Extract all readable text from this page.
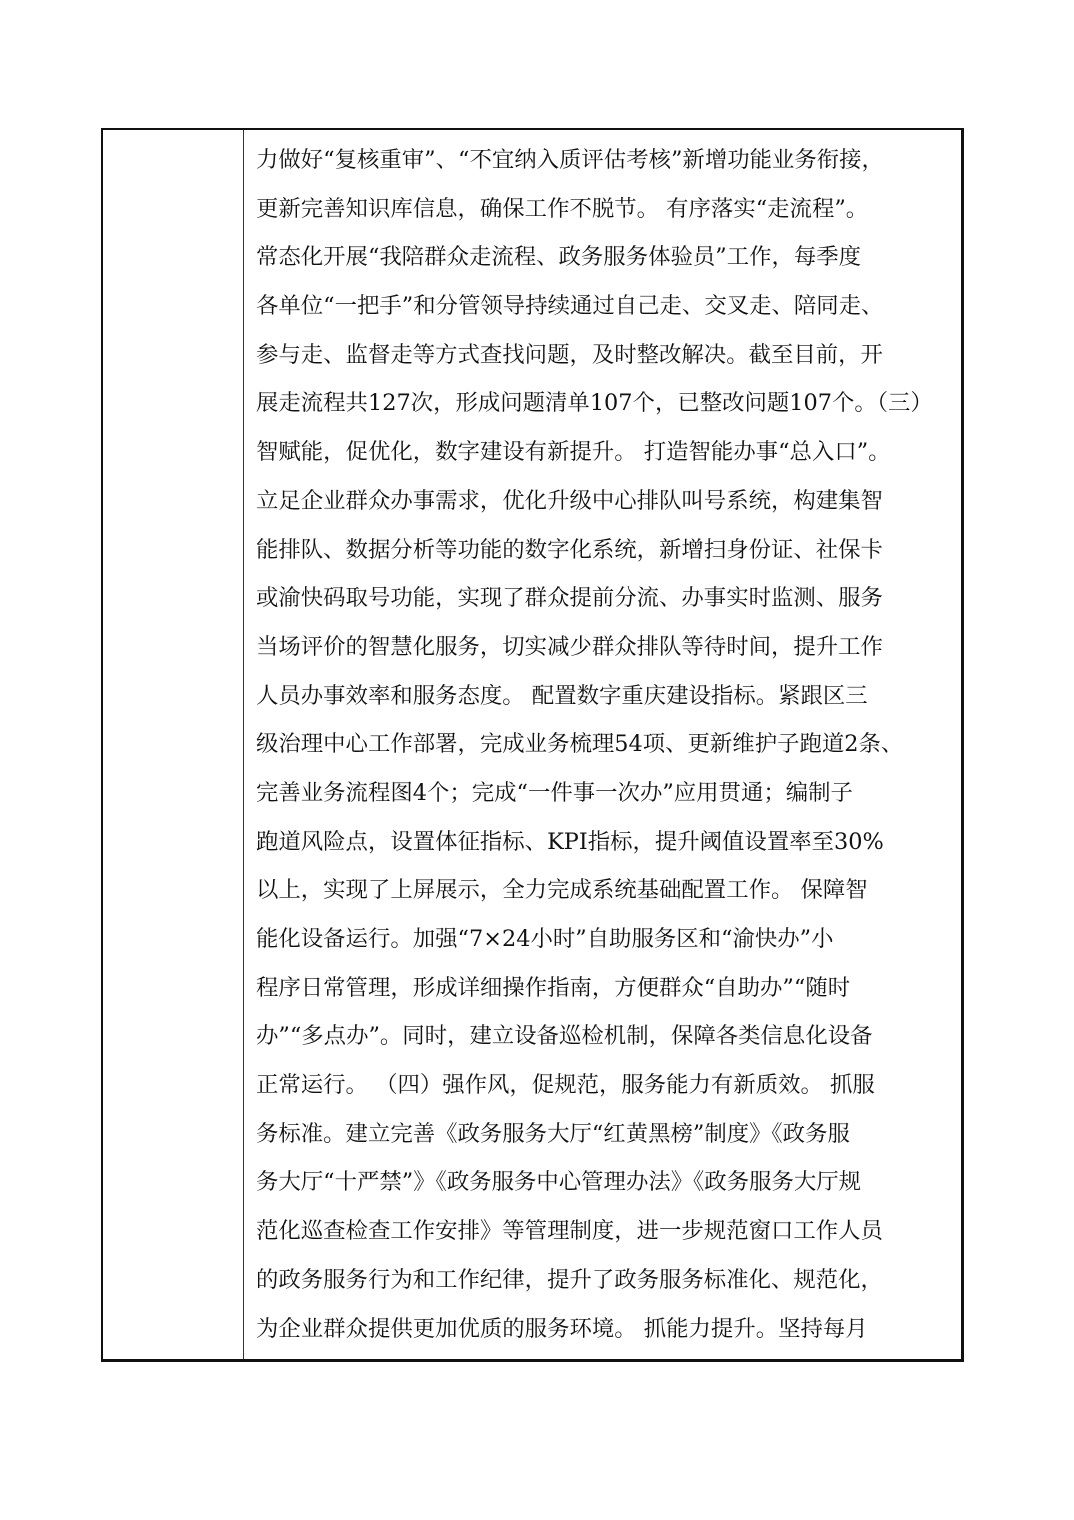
力做好“复核重审”、“不宜纳入质评估考核”新增功能业务衔接，
更新完善知识库信息，确保工作不脱节。 有序落实“走流程”。
常态化开展“我陪群众走流程、政务服务体验员”工作，每季度
各单位“一把手”和分管领导持续通过自己走、交叉走、陪同走、
参与走、监督走等方式查找问题，及时整改解决。截至目前，开
展走流程共127次，形成问题清单107个，已整改问题107个。（三）
智赋能，促优化，数字建设有新提升。 打造智能办事“总入口”。
立足企业群众办事需求，优化升级中心排队叫号系统，构建集智
能排队、数据分析等功能的数字化系统，新增扫身份证、社保卡
或渝快码取号功能，实现了群众提前分流、办事实时监测、服务
当场评价的智慧化服务，切实减少群众排队等待时间，提升工作
人员办事效率和服务态度。 配置数字重庆建设指标。紧跟区三
级治理中心工作部署，完成业务梳理54项、更新维护子跑道2条、
完善业务流程图4个；完成“一件事一次办”应用贯通；编制子
跑道风险点，设置体征指标、KPI指标，提升阈值设置率至30%
以上，实现了上屏展示，全力完成系统基础配置工作。 保障智
能化设备运行。加强“7×24小时”自助服务区和“渝快办”小
程序日常管理，形成详细操作指南，方便群众“自助办”“随时
办”“多点办”。同时，建立设备巡检机制，保障各类信息化设备
正常运行。 （四）强作风，促规范，服务能力有新质效。 抓服
务标准。建立完善《政务服务大厅“红黄黑榜”制度》《政务服
务大厅“十严禁”》《政务服务中心管理办法》《政务服务大厅规
范化巡查检查工作安排》等管理制度，进一步规范窗口工作人员
的政务服务行为和工作纪律，提升了政务服务标准化、规范化，
为企业群众提供更加优质的服务环境。 抓能力提升。坚持每月
